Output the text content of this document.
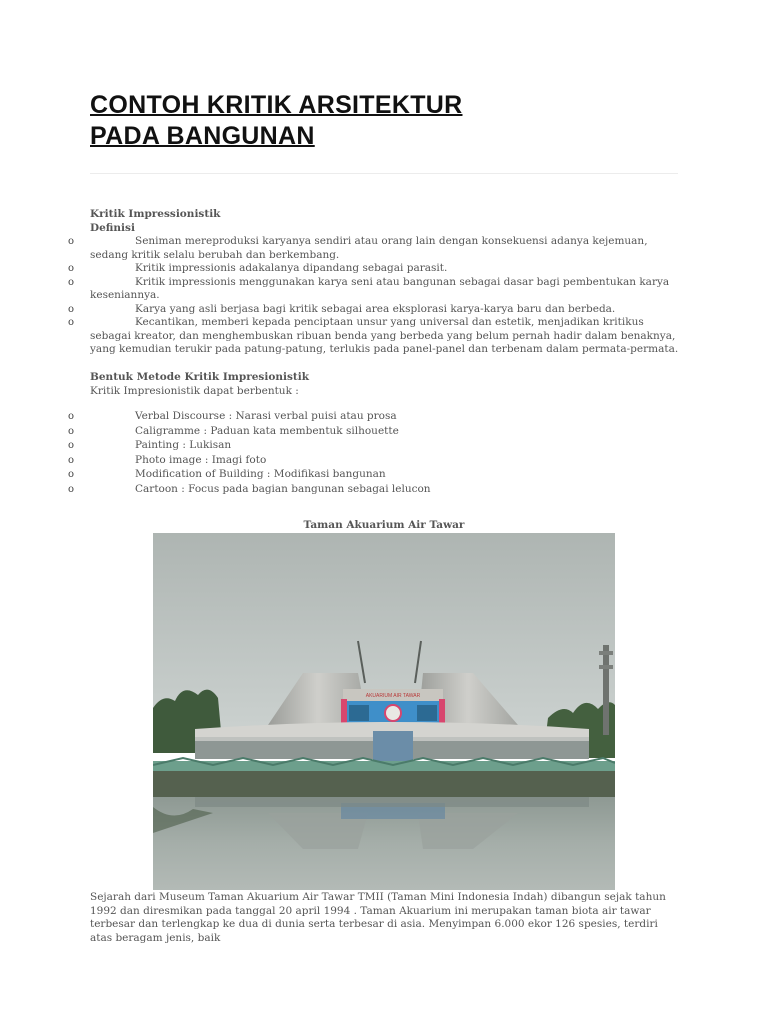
CONTOH KRITIK ARSITEKTUR
PADA BANGUNAN
Kritik Impressionistik
Definisi
o	Seniman mereproduksi karyanya sendiri atau orang lain dengan konsekuensi adanya kejemuan, sedang kritik selalu berubah dan berkembang.
o	Kritik impressionis adakalanya dipandang sebagai parasit.
o	Kritik impressionis menggunakan karya seni atau bangunan sebagai dasar bagi pembentukan karya keseniannya.
o	Karya yang asli berjasa bagi kritik sebagai area eksplorasi karya-karya baru dan berbeda.
o	Kecantikan, memberi kepada penciptaan unsur yang universal dan estetik, menjadikan kritikus sebagai kreator, dan menghembuskan ribuan benda yang berbeda yang belum pernah hadir dalam benaknya, yang kemudian terukir pada patung-patung, terlukis pada panel-panel dan terbenam dalam permata-permata.
Bentuk Metode Kritik Impresionistik
Kritik Impresionistik dapat berbentuk :
o	Verbal Discourse : Narasi verbal puisi atau prosa
o	Caligramme : Paduan kata membentuk silhouette
o	Painting : Lukisan
o	Photo image : Imagi foto
o	Modification of Building : Modifikasi bangunan
o	Cartoon : Focus pada bagian bangunan sebagai lelucon
Taman Akuarium Air Tawar
AKUARIUM AIR TAWAR
Sejarah dari Museum Taman Akuarium Air Tawar TMII (Taman Mini Indonesia Indah) dibangun sejak tahun 1992 dan diresmikan pada tanggal 20 april 1994 . Taman Akuarium ini merupakan taman biota air tawar terbesar dan terlengkap ke dua di dunia serta terbesar di asia. Menyimpan 6.000 ekor 126 spesies, terdiri atas beragam jenis, baik
